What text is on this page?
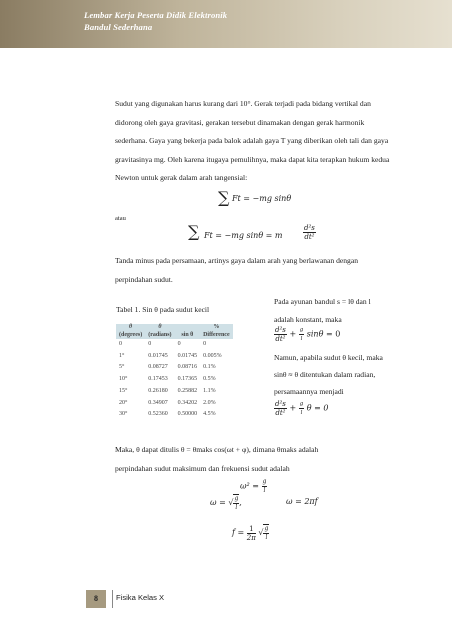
Lembar Kerja Peserta Didik Elektronik
Bandul Sederhana
Sudut yang digunakan harus kurang dari 10°. Gerak terjadi pada bidang vertikal dan didorong oleh gaya gravitasi, gerakan tersebut dinamakan dengan gerak harmonik sederhana. Gaya yang bekerja pada balok adalah gaya T yang diberikan oleh tali dan gaya gravitasinya mg. Oleh karena itugaya pemulihnya, maka dapat kita terapkan hukum kedua Newton untuk gerak dalam arah tangensial:
∑ Ft = −mg sinθ
atau
∑ Ft = −mg sinθ = m	$\frac{\text{d²s}}{\text{dt²}}$
Tanda minus pada persamaan, artinys gaya dalam arah yang berlawanan dengan perpindahan sudut.
Tabel 1. Sin θ pada sudut kecil
θ	θ		%
(degrees)	(radians)	sin θ	Difference
0	0	0	0
1°	0.01745	0.01745	0.005%
5°	0.08727	0.08716	0.1%
10°	0.17453	0.17365	0.5%
15°	0.26180	0.25882	1.1%
20°	0.34907	0.34202	2.0%
30°	0.52360	0.50000	4.5%
Pada ayunan bandul s = lθ dan l
adalah konstant, maka
$\frac{\text{d²s}}{\text{dt²}} + \frac{g}{l}$ sinθ = 0
Namun, apabila sudut θ kecil, maka
sinθ ≈ θ ditentukan dalam radian,
persamaannya menjadi
$\frac{\text{d²s}}{\text{dt²}} + \frac{g}{l}$ θ = 0
Maka, θ dapat ditulis θ = θmaks cos(ωt + φ), dimana θmaks adalah
perpindahan sudut maksimum dan frekuensi sudut adalah
$\omega^2 = \frac{g}{l}$
ω = √ $\frac{g}{l}$ ,	ω = 2πf
$f = \frac{1}{2\pi}$ √ $\frac{g}{l}$
8	Fisika Kelas X
